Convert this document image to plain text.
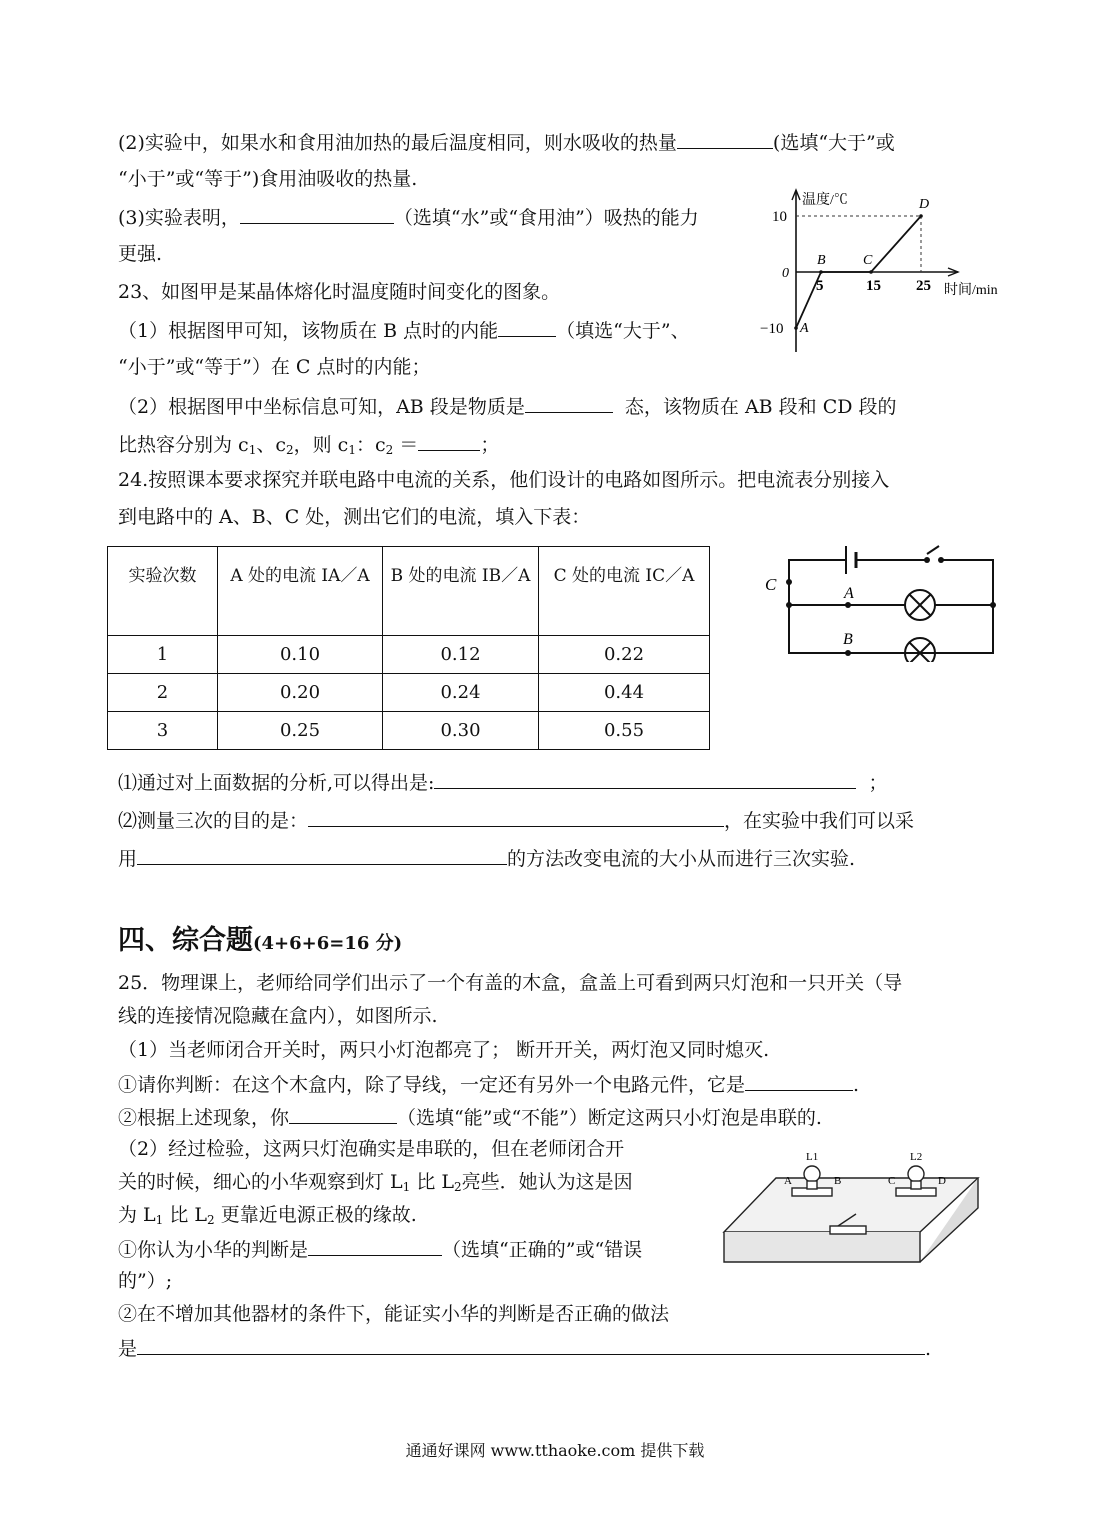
(2)实验中，如果水和食用油加热的最后温度相同，则水吸收的热量	(选填“大于”或
“小于”或“等于”)食用油吸收的热量.
(3)实验表明，	（选填“水”或“食用油”）吸热的能力
更强.
23、如图甲是某晶体熔化时温度随时间变化的图象。
（1）根据图甲可知，该物质在 B 点时的内能	（填选“大于”、
“小于”或“等于”）在 C 点时的内能；
（2）根据图甲中坐标信息可知，AB 段是物质是	态，该物质在 AB 段和 CD 段的
比热容分别为 $c_1$、$c_2$，则 $c_1$：$c_2$ ＝	；
温度/℃
时间/min
0
10
−10
5	15 25
A
B	C
D
24.按照课本要求探究并联电路中电流的关系，他们设计的电路如图所示。把电流表分别接入
到电路中的 A、B、C 处，测出它们的电流，填入下表：
实验次数	A 处的电流 IA／A	B 处的电流 IB／A	C 处的电流 IC／A
1	0.10	0.12	0.22
2	0.20	0.24	0.44
3	0.25	0.30	0.55
C	A
B
⑴通过对上面数据的分析,可以得出是:	；
⑵测量三次的目的是：	，在实验中我们可以采
用	的方法改变电流的大小从而进行三次实验.
四、综合题(4+6+6=16 分)
25．物理课上，老师给同学们出示了一个有盖的木盒，盒盖上可看到两只灯泡和一只开关（导
线的连接情况隐藏在盒内），如图所示.
（1）当老师闭合开关时，两只小灯泡都亮了； 断开开关，两灯泡又同时熄灭.
①请你判断：在这个木盒内，除了导线，一定还有另外一个电路元件，它是	.
②根据上述现象，你	（选填“能”或“不能”）断定这两只小灯泡是串联的.
（2）经过检验，这两只灯泡确实是串联的，但在老师闭合开
关的时候，细心的小华观察到灯 $L_1$ 比 $L_2$亮些．她认为这是因
为 $L_1$ 比 $L_2$ 更靠近电源正极的缘故.
①你认为小华的判断是	（选填“正确的”或“错误
的”）;
②在不增加其他器材的条件下，能证实小华的判断是否正确的做法
是	.
L1	L2
A	B	C	D
通通好课网 www.tthaoke.com 提供下载
